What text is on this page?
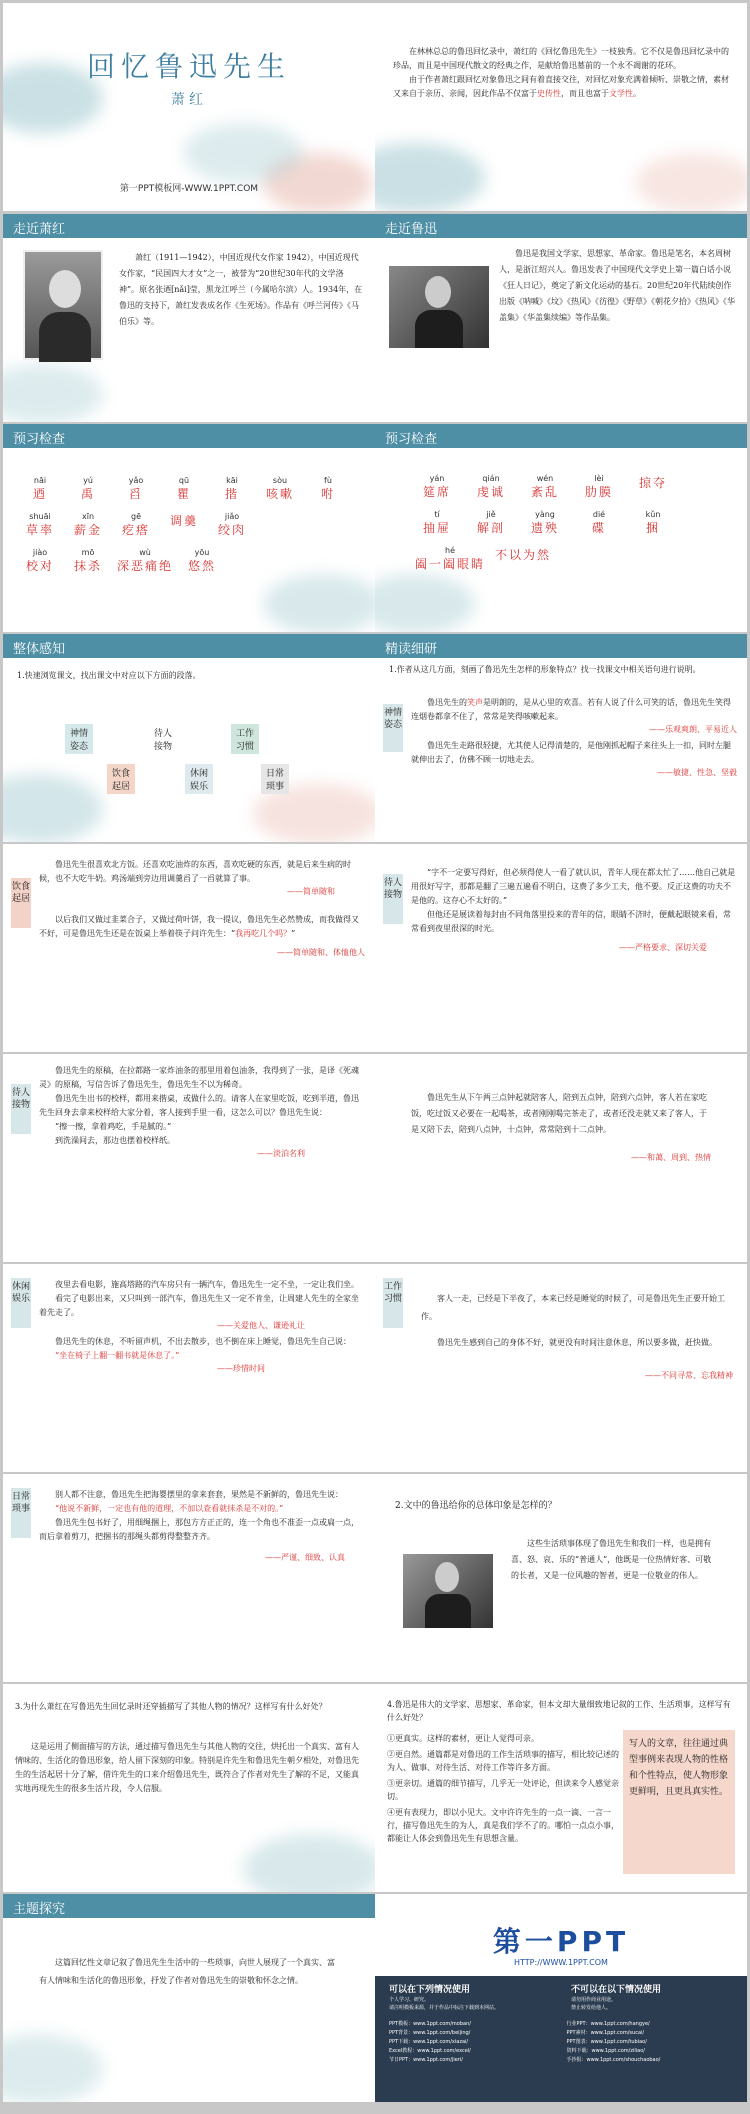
回忆鲁迅先生
萧红
第一PPT模板网-WWW.1PPT.COM

在林林总总的鲁迅回忆录中，萧红的《回忆鲁迅先生》一枝独秀。它不仅是鲁迅回忆录中的珍品，而且是中国现代散文的经典之作，是献给鲁迅墓前的一个永不凋谢的花环。

由于作者萧红跟回忆对象鲁迅之间有着直接交往，对回忆对象充满着倾听、崇敬之情，素材又来自于亲历、亲闻，因此作品不仅富于史传性，而且也富于文学性。

走近萧红

萧红（1911—1942），中国近现代女作家 1942），中国近现代女作家，“民国四大才女”之一，被誉为“20世纪30年代的文学洛神”。原名张迺[nǎi]莹，黑龙江呼兰（今属哈尔滨）人。1934年，在鲁迅的支持下，萧红发表成名作《生死场》。作品有《呼兰河传》《马伯乐》等。

走近鲁迅

鲁迅是我国文学家、思想家、革命家。鲁迅是笔名，本名周树人，是浙江绍兴人。鲁迅发表了中国现代文学史上第一篇白话小说《狂人日记》，奠定了新文化运动的基石。20世纪20年代陆续创作出版《呐喊》《坟》《热风》《彷徨》《野草》《朝花夕拾》《热风》《华盖集》《华盖集续编》等作品集。

预习检查
nāi
迺
yú
禹
yǎo
舀
qū
瞿
kāi
揩
sòu
咳嗽
fù
咐
shuāi
草率
xīn
薪金
gē
疙瘩
调羹	jiǎo
绞肉
jiào
校对
mō
抹杀
wù
深恶痛绝
yōu
悠然
预习检查
yán
筵席
qián
虔诚
wén
紊乱
lèi
肋膜
掠夺
tí
抽屉
jiě
解剖
yàng
遗殃
dié
碟
kǔn
捆
hé
阖一阖眼睛
不以为然
整体感知

1.快速浏览课文，找出课文中对应以下方面的段落。

神情姿态
待人接物
工作习惯
饮食起居
休闲娱乐
日常琐事
精读细研

1.作者从这几方面，刻画了鲁迅先生怎样的形象特点？找一找课文中相关语句进行说明。

神情姿态

鲁迅先生的笑声是明朗的，是从心里的欢喜。若有人说了什么可笑的话，鲁迅先生笑得连烟卷都拿不住了，常常是笑得咳嗽起来。

——乐观爽朗、平易近人

鲁迅先生走路很轻捷，尤其使人记得清楚的，是他刚抓起帽子来往头上一扣，同时左腿就伸出去了，仿佛不顾一切地走去。

——敏捷、性急、坚毅

饮食起居

鲁迅先生很喜欢北方饭。还喜欢吃油炸的东西，喜欢吃硬的东西，就是后来生病的时候，也不大吃牛奶。鸡汤端到旁边用调羹舀了一舀就算了事。

——简单随和

以后我们又做过韭菜合子，又做过荷叶饼，我一提议，鲁迅先生必然赞成，而我做得又不好，可是鲁迅先生还是在饭桌上举着筷子问许先生：“我再吃几个吗？”

——简单随和、体恤他人

待人接物

“字不一定要写得好，但必须得使人一看了就认识，青年人现在都太忙了……他自己就是用很好写字，那都是翻了三遍五遍看不明白，这费了多少工夫，他不要。反正这费的功夫不是他的。这存心不太好的。”

但他还是展读着每封由不同角落里投来的青年的信，眼睛不济时，便戴起眼镜来看，常常看到夜里很深的时光。

——严格要求、深切关爱

待人接物

鲁迅先生的原稿，在拉都路一家炸油条的那里用着包油条，我得到了一张，是译《死魂灵》的原稿，写信告诉了鲁迅先生，鲁迅先生不以为稀奇。

鲁迅先生出书的校样，都用来揩桌，或做什么的。请客人在家里吃饭，吃到半道，鲁迅先生回身去拿来校样给大家分着，客人接到手里一看，这怎么可以？鲁迅先生说：

“擦一擦，拿着鸡吃，手是腻的。”

到洗澡间去，那边也摆着校样纸。

——淡泊名利

鲁迅先生从下午两三点钟起就陪客人，陪到五点钟，陪到六点钟，客人若在家吃饭，吃过饭又必要在一起喝茶，或者刚刚喝完茶走了，或者还没走就又来了客人，于是又陪下去，陪到八点钟，十点钟，常常陪到十二点钟。

——和蔼、周到、热情

休闲娱乐

夜里去看电影，施高塔路的汽车房只有一辆汽车，鲁迅先生一定不坐，一定让我们坐。

看完了电影出来，又只叫到一部汽车，鲁迅先生又一定不肯坐，让周建人先生的全家坐着先走了。

——关爱他人、谦逊礼让

鲁迅先生的休息，不听留声机，不出去散步，也不倒在床上睡觉，鲁迅先生自己说：

“坐在椅子上翻一翻书就是休息了。”

——珍惜时间

工作习惯	客人一走，已经是下半夜了，本来已经是睡觉的时候了，可是鲁迅先生正要开始工作。

鲁迅先生感到自己的身体不好，就更没有时间注意休息，所以要多做，赶快做。

——不同寻常、忘我精神

日常琐事

别人都不注意，鲁迅先生把海婴摆里的拿来套套，果然是不新鲜的，鲁迅先生说：

“他说不新鲜，一定也有他的道理，不加以查看就抹杀是不对的。”

鲁迅先生包书好了，用细绳捆上，那包方方正正的，连一个角也不准歪一点或扁一点，而后拿着剪刀，把捆书的那绳头都剪得整整齐齐。

——严谨、细致、认真

2.文中的鲁迅给你的总体印象是怎样的？

这些生活琐事体现了鲁迅先生和我们一样，也是拥有喜、怒、哀、乐的“普通人”，他既是一位热情好客、可敬的长者，又是一位风趣的智者，更是一位敬业的伟人。

3.为什么萧红在写鲁迅先生回忆录时还穿插描写了其他人物的情况？这样写有什么好处？

这是运用了侧面描写的方法，通过描写鲁迅先生与其他人物的交往，烘托出一个真实、富有人情味的、生活化的鲁迅形象，给人留下深刻的印象。特别是许先生和鲁迅先生朝夕相处，对鲁迅先生的生活起居十分了解，借许先生的口来介绍鲁迅先生，既符合了作者对先生了解的不足，又能真实地再现先生的很多生活片段，令人信服。

4.鲁迅是伟大的文学家、思想家、革命家，但本文却大量细致地记叙的工作、生活琐事，这样写有什么好处？

①更真实。这样的素材，更让人觉得可亲。

②更自然。通篇都是对鲁迅的工作生活琐事的描写，相比较记述的为人、做事、对待生活、对待工作等许多方面。

③更亲切。通篇的细节描写，几乎无一处评论，但读来令人感觉亲切。

④更有表现力，即以小见大。文中许许先生的一点一滴、一言一行，描写鲁迅先生的为人，真是我们学不了的。哪怕一点点小事，都能让人体会到鲁迅先生有思想含量。

写人的文章，往往通过典型事例来表现人物的性格和个性特点，使人物形象更鲜明，且更具真实性。
主题探究

这篇回忆性文章记叙了鲁迅先生生活中的一些琐事，向世人展现了一个真实、富有人情味和生活化的鲁迅形象，抒发了作者对鲁迅先生的崇敬和怀念之情。

第一PPT
HTTP://WWW.1PPT.COM
可以在下列情况使用
个人学习、研究。
请注明模板来源，并于作品中标注下载到本网站。
不可以在以下情况使用
请勿用作商业用途。
禁止转发给他人。
PPT模板：www.1ppt.com/moban/
PPT背景：www.1ppt.com/beijing/
PPT下载：www.1ppt.com/xiazai/
Excel教程：www.1ppt.com/excel/
节日PPT：www.1ppt.com/jieri/
行业PPT：www.1ppt.com/hangye/
PPT素材：www.1ppt.com/sucai/
PPT图表：www.1ppt.com/tubiao/
资料下载：www.1ppt.com/ziliao/
手抄报：www.1ppt.com/shouchaobao/
